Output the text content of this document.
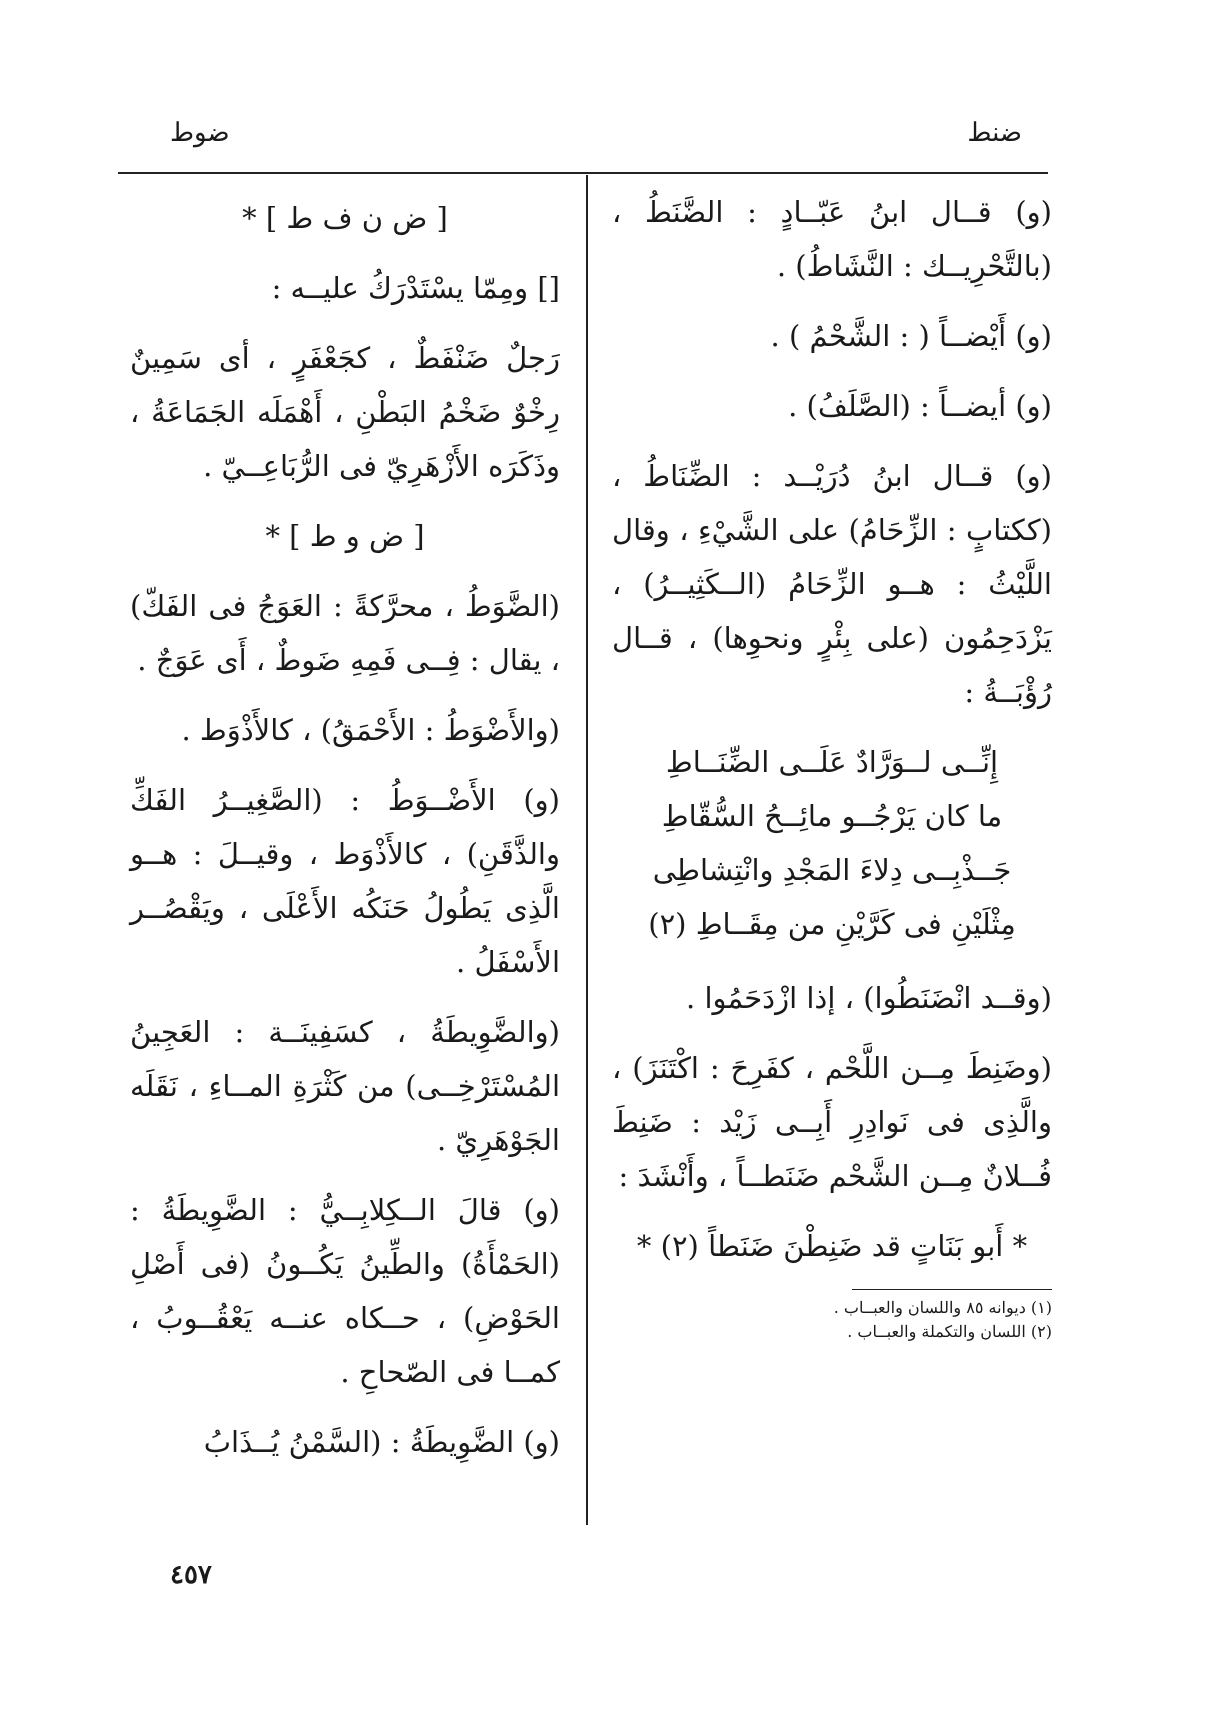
ضنط
ضوط

(و) قــال ابنُ عَبّــادٍ : الضَّنَطُ ، (بالتَّحْرِيــك : النَّشَاطُ) .

(و) أَيْضــاً ( : الشَّحْمُ ) .

(و) أيضــاً : (الصَّلَفُ) .

(و) قــال ابنُ دُرَيْــد : الضِّنَاطُ ، (ككتابٍ : الزِّحَامُ) على الشَّيْءِ ، وقال اللَّيْثُ : هــو الزِّحَامُ (الــكَثِيــرُ) ، يَزْدَحِمُون (على بِئْرٍ ونحوِها) ، قــال رُؤْبَــةُ :

إِنِّــى لــوَرَّادٌ عَلَــى الضِّنَــاطِ

ما كان يَرْجُــو مائِــحُ السُّقّاطِ

جَــذْبِــى دِلاءَ المَجْدِ وانْتِشاطِى

مِثْلَيْنِ فى كَرَّيْنِ من مِقَــاطِ (٢)

(وقــد انْضَنَطُوا) ، إذا ازْدَحَمُوا .

(وضَنِطَ مِــن اللَّحْم ، كفَرِحَ : اكْتَنَزَ) ، والَّذِى فى نَوادِرِ أَبِــى زَيْد : ضَنِطَ فُــلانٌ مِــن الشَّحْم ضَنَطــاً ، وأَنْشَدَ :

* أَبو بَنَاتٍ قد ضَنِطْنَ ضَنَطاً (٢) *

(١) ديوانه ٨٥ واللسان والعبــاب .

(٢) اللسان والتكملة والعبــاب .

[ ض ن ف ط ] *

[] ومِمّا يسْتَدْرَكُ عليــه :

رَجلٌ ضَنْفَطٌ ، كجَعْفَرٍ ، أى سَمِينٌ رِخْوٌ ضَخْمُ البَطْنِ ، أَهْمَلَه الجَمَاعَةُ ، وذَكَرَه الأَزْهَرِيّ فى الرُّبَاعِــيّ .

[ ض و ط ] *

(الضَّوَطُ ، محرَّكةً : العَوَجُ فى الفَكّ) ، يقال : فِــى فَمِهِ ضَوطٌ ، أَى عَوَجٌ .

(والأَضْوَطُ : الأَحْمَقُ) ، كالأَذْوَط .

(و) الأَضْــوَطُ : (الصَّغِيــرُ الفَكِّ والذَّقَنِ) ، كالأَذْوَط ، وقيــلَ : هــو الَّذِى يَطُولُ حَنَكُه الأَعْلَى ، ويَقْصُــر الأَسْفَلُ .

(والضَّوِيطَةُ ، كسَفِينَــة : العَجِينُ المُسْتَرْخِــى) من كَثْرَةِ المــاءِ ، نَقَلَه الجَوْهَرِيّ .

(و) قالَ الــكِلابِــيُّ : الضَّوِيطَةُ : (الحَمْأَةُ) والطِّينُ يَكُــونُ (فى أَصْلِ الحَوْضِ) ، حــكاه عنــه يَعْقُــوبُ ، كمــا فى الصّحاحِ .

(و) الضَّوِيطَةُ : (السَّمْنُ يُــذَابُ

٤٥٧
